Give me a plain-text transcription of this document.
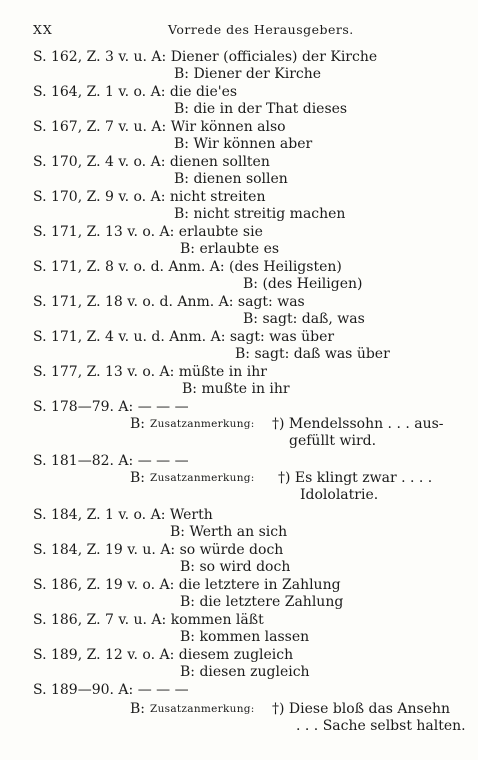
XX	Vorrede des Herausgebers.
S. 162, Z. 3 v. u. A: Diener (officiales) der Kirche
B: Diener der Kirche
S. 164, Z. 1 v. o. A: die die'es
B: die in der That dieses
S. 167, Z. 7 v. u. A: Wir können also
B: Wir können aber
S. 170, Z. 4 v. o. A: dienen sollten
B: dienen sollen
S. 170, Z. 9 v. o. A: nicht streiten
B: nicht streitig machen
S. 171, Z. 13 v. o. A: erlaubte sie
B: erlaubte es
S. 171, Z. 8 v. o. d. Anm. A: (des Heiligsten)
B: (des Heiligen)
S. 171, Z. 18 v. o. d. Anm. A: sagt: was
B: sagt: daß, was
S. 171, Z. 4 v. u. d. Anm. A: sagt: was über
B: sagt: daß was über
S. 177, Z. 13 v. o. A: müßte in ihr
B: mußte in ihr
S. 178—79. A: — — —
B: Zusatzanmerkung: †) Mendelssohn . . . aus-
gefüllt wird.
S. 181—82. A: — — —
B: Zusatzanmerkung: †) Es klingt zwar . . . .
Idololatrie.
S. 184, Z. 1 v. o. A: Werth
B: Werth an sich
S. 184, Z. 19 v. u. A: so würde doch
B: so wird doch
S. 186, Z. 19 v. o. A: die letztere in Zahlung
B: die letztere Zahlung
S. 186, Z. 7 v. u. A: kommen läßt
B: kommen lassen
S. 189, Z. 12 v. o. A: diesem zugleich
B: diesen zugleich
S. 189—90. A: — — —
B: Zusatzanmerkung: †) Diese bloß das Ansehn
. . . Sache selbst halten.
